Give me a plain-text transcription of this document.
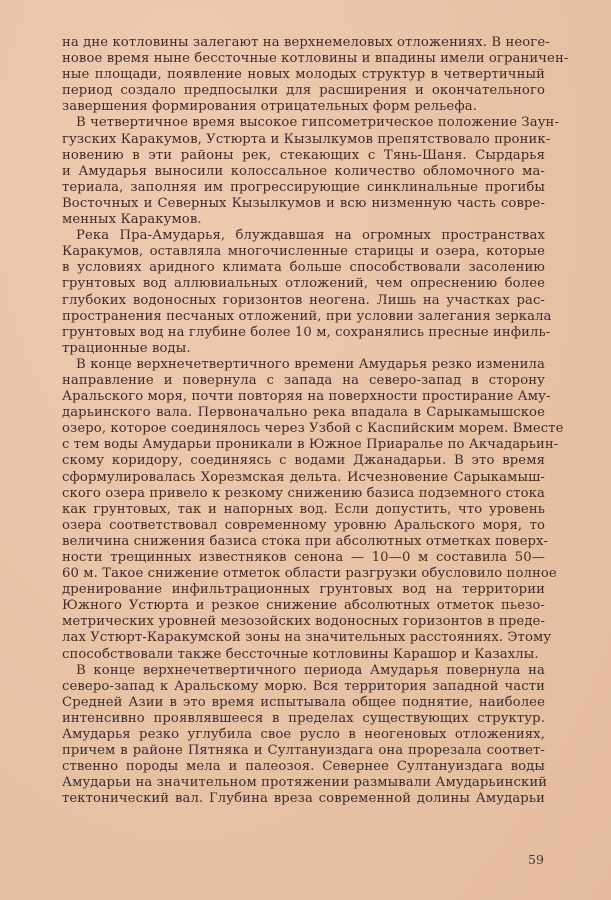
на дне котловины залегают на верхнемеловых отложениях. В неоге-
новое время ныне бессточные котловины и впадины имели ограничен-
ные площади, появление новых молодых структур в четвертичный
период создало предпосылки для расширения и окончательного
завершения формирования отрицательных форм рельефа.
В четвертичное время высокое гипсометрическое положение Заун-
гузских Каракумов, Устюрта и Кызылкумов препятствовало проник-
новению в эти районы рек, стекающих с Тянь-Шаня. Сырдарья
и Амударья выносили колоссальное количество обломочного ма-
териала, заполняя им прогрессирующие синклинальные прогибы
Восточных и Северных Кызылкумов и всю низменную часть совре-
менных Каракумов.
Река Пра-Амударья, блуждавшая на огромных пространствах
Каракумов, оставляла многочисленные старицы и озера, которые
в условиях аридного климата больше способствовали засолению
грунтовых вод аллювиальных отложений, чем опреснению более
глубоких водоносных горизонтов неогена. Лишь на участках рас-
пространения песчаных отложений, при условии залегания зеркала
грунтовых вод на глубине более 10 м, сохранялись пресные инфиль-
трационные воды.
В конце верхнечетвертичного времени Амударья резко изменила
направление и повернула с запада на северо-запад в сторону
Аральского моря, почти повторяя на поверхности простирание Аму-
дарьинского вала. Первоначально река впадала в Сарыкамышское
озеро, которое соединялось через Узбой с Каспийским морем. Вместе
с тем воды Амударьи проникали в Южное Приаралье по Акчадарьин-
скому коридору, соединяясь с водами Джанадарьи. В это время
сформулировалась Хорезмская дельта. Исчезновение Сарыкамыш-
ского озера привело к резкому снижению базиса подземного стока
как грунтовых, так и напорных вод. Если допустить, что уровень
озера соответствовал современному уровню Аральского моря, то
величина снижения базиса стока при абсолютных отметках поверх-
ности трещинных известняков сенона — 10—0 м составила 50—
60 м. Такое снижение отметок области разгрузки обусловило полное
дренирование инфильтрационных грунтовых вод на территории
Южного Устюрта и резкое снижение абсолютных отметок пьезо-
метрических уровней мезозойских водоносных горизонтов в преде-
лах Устюрт-Каракумской зоны на значительных расстояниях. Этому
способствовали также бессточные котловины Карашор и Казахлы.
В конце верхнечетвертичного периода Амударья повернула на
северо-запад к Аральскому морю. Вся территория западной части
Средней Азии в это время испытывала общее поднятие, наиболее
интенсивно проявлявшееся в пределах существующих структур.
Амударья резко углубила свое русло в неогеновых отложениях,
причем в районе Пятняка и Султануиздага она прорезала соответ-
ственно породы мела и палеозоя. Севернее Султануиздага воды
Амударьи на значительном протяжении размывали Амударьинский
тектонический вал. Глубина вреза современной долины Амударьи
59
